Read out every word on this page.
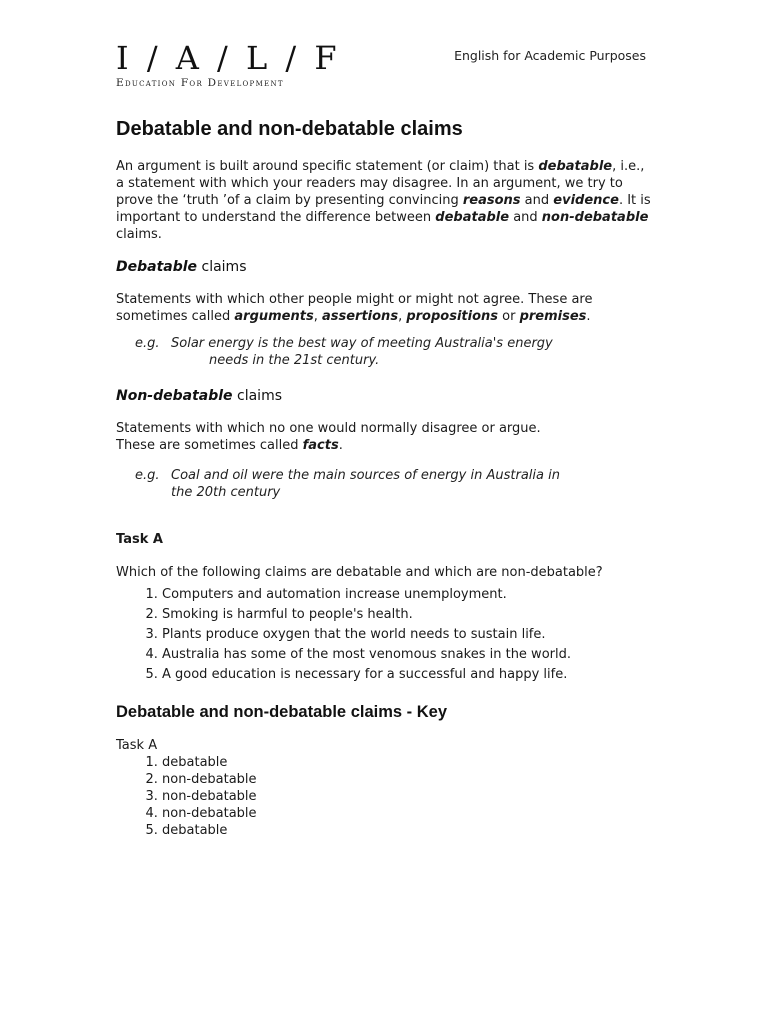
I / A / L / F
Education For Development
English for Academic Purposes
Debatable and non-debatable claims

An argument is built around specific statement (or claim) that is debatable, i.e., a statement with which your readers may disagree. In an argument, we try to prove the ‘truth ’of a claim by presenting convincing reasons and evidence. It is important to understand the difference between debatable and non-debatable claims.

Debatable claims

Statements with which other people might or might not agree. These are sometimes called arguments, assertions, propositions or premises.

e.g. Solar energy is the best way of meeting Australia's energy
needs in the 21st century.
Non-debatable claims

Statements with which no one would normally disagree or argue.
These are sometimes called facts.

e.g. Coal and oil were the main sources of energy in Australia in
the 20th century
Task A

Which of the following claims are debatable and which are non-debatable?

1. Computers and automation increase unemployment.
2. Smoking is harmful to people's health.
3. Plants produce oxygen that the world needs to sustain life.
4. Australia has some of the most venomous snakes in the world.
5. A good education is necessary for a successful and happy life.
Debatable and non-debatable claims - Key

Task A

1. debatable
2. non-debatable
3. non-debatable
4. non-debatable
5. debatable
